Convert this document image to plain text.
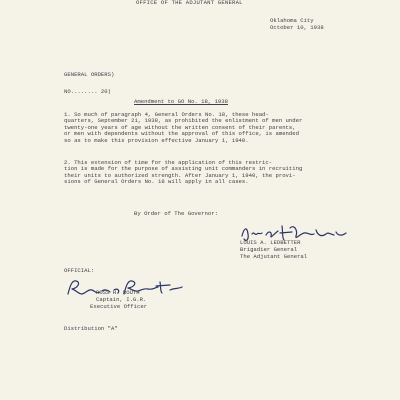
OFFICE OF THE ADJUTANT GENERAL
Oklahoma City
October 10, 1938
GENERAL ORDERS)
NO........ 20)
Amendment to GO No. 18, 1938
1. So much of paragraph 4, General Orders No. 18, these head-
quarters, September 21, 1938, as prohibited the enlistment of men under
twenty-one years of age without the written consent of their parents,
or men with dependents without the approval of this office, is amended
so as to make this provision effective January 1, 1940.
2. This extension of time for the application of this restric-
tion is made for the purpose of assisting unit commanders in recruiting
their units to authorized strength. After January 1, 1940, the provi-
sions of General Orders No. 18 will apply in all cases.
By Order of The Governor:
LOUIS A. LEDBETTER
Brigadier General
The Adjutant General
OFFICIAL:
ROSS H. ROUTH
Captain, I.G.R.
Executive Officer
Distribution "A"
